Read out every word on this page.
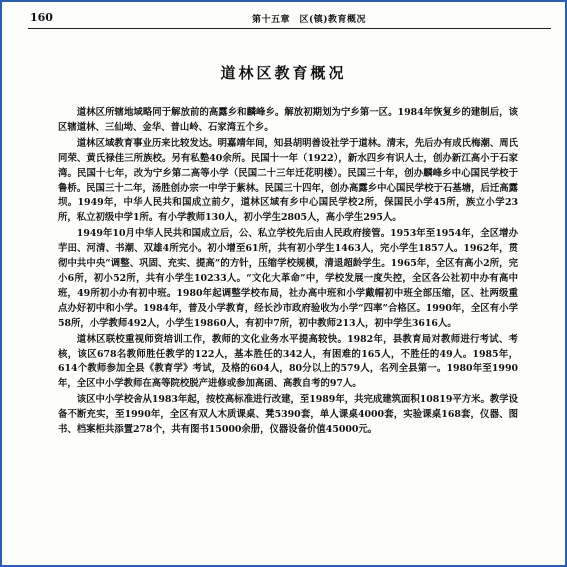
160	第十五章　区(镇)教育概况
道林区教育概况

道林区所辖地域略同于解放前的高露乡和麟峰乡。解放初期划为宁乡第一区。1984年恢复乡的建制后，该区辖道林、三仙坳、金华、普山岭、石家湾五个乡。

道林区域教育事业历来比较发达。明嘉靖年间，知县胡明善设社学于道林。清末，先后办有成氏梅潮、周氏同荣、黄氏禄佳三所族校。另有私塾40余所。民国十一年（1922），新水四乡有识人士，创办新江高小于石家湾。民国十七年，改为宁乡第二高等小学（民国二十三年迁花明楼）。民国三十年，创办麟峰乡中心国民学校于鲁桥。民国三十二年，汤胜创办宗一中学于紫林。民国三十四年，创办高露乡中心国民学校于石基塘，后迁高露坝。1949年，中华人民共和国成立前夕，道林区域有乡中心国民学校2所，保国民小学45所，族立小学23所，私立初级中学1所。有小学教师130人，初小学生2805人，高小学生295人。

1949年10月中华人民共和国成立后，公、私立学校先后由人民政府接管。1953年至1954年，全区增办芋田、河清、书潮、双雄4所完小。初小增至61所，共有初小学生1463人，完小学生1857人。1962年，贯彻中共中央“调整、巩固、充实、提高”的方针，压缩学校规模，清退超龄学生。1965年，全区有高小2所，完小6所，初小52所，共有小学生10233人。“文化大革命”中，学校发展一度失控，全区各公社初中办有高中班，49所初小办有初中班。1980年起调整学校布局，社办高中班和小学戴帽初中班全部压缩，区、社两级重点办好初中和小学。1984年，普及小学教育，经长沙市政府验收为小学“四率”合格区。1990年，全区有小学58所，小学教师492人，小学生19860人，有初中7所，初中教师213人，初中学生3616人。

道林区联校重视师资培训工作，教师的文化业务水平提高较快。1982年，县教育局对教师进行考试、考核，该区678名教师胜任教学的122人，基本胜任的342人，有困难的165人，不胜任的49人。1985年，614个教师参加全县《教育学》考试，及格的604人，80分以上的579人，名列全县第一。1980年至1990年，全区中小学教师在高等院校脱产进修或参加高函、高教自考的97人。

该区中小学校舍从1983年起，按校高标准进行改建，至1989年，共完成建筑面积10819平方米。教学设备不断充实，至1990年，全区有双人木质课桌、凳5390套，单人课桌4000套，实验课桌168套，仪器、图书、档案柜共添置278个，共有图书15000余册，仪器设备价值45000元。
